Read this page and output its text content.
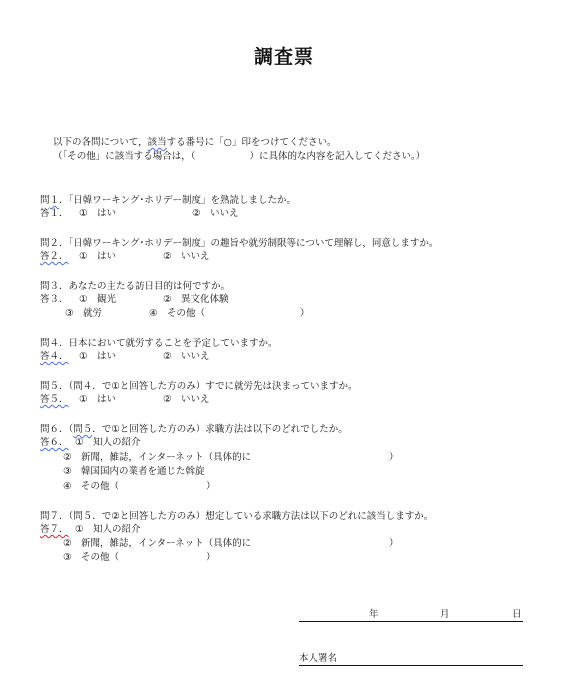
調査票
以下の各問について，該当する番号に「○」印をつけてください。
（「その他」に該当する場合は，（	）に具体的な内容を記入してください。）
問１．「日韓ワーキング･ホリデー制度」を熟読しましたか。
答１． ①　はい	②　いいえ
問２．「日韓ワーキング･ホリデー制度」の趣旨や就労制限等について理解し，同意しますか。
答２． ①　はい	②　いいえ
問３．あなたの主たる訪日目的は何ですか。
答３． ①　観光	②　異文化体験
③　就労	④　その他（	）
問４．日本において就労することを予定していますか。
答４． ①　はい	②　いいえ
問５．（問４．で①と回答した方のみ）すでに就労先は決まっていますか。
答５． ①　はい	②　いいえ
問６．（問５．で①と回答した方のみ）求職方法は以下のどれでしたか。
答６． ①　知人の紹介
②　新聞，雑誌，インターネット（具体的に	）
③　韓国国内の業者を通じた斡旋
④　その他（	）
問７．（問５．で②と回答した方のみ）想定している求職方法は以下のどれに該当しますか。
答７． ①　知人の紹介
②　新聞，雑誌，インターネット（具体的に	）
③　その他（	）
年	月	日
本人署名
